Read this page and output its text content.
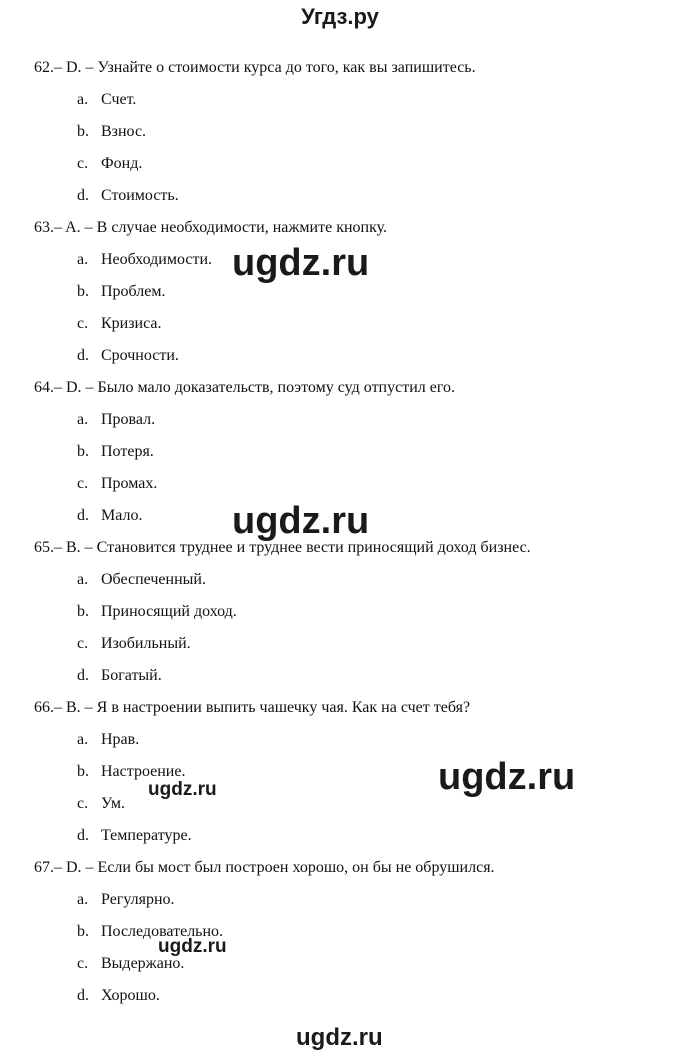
Угдз.ру
62.– D. – Узнайте о стоимости курса до того, как вы запишитесь.
a. Счет.
b. Взнос.
c. Фонд.
d. Стоимость.
63.– A. – В случае необходимости, нажмите кнопку.
a. Необходимости.
b. Проблем.
c. Кризиса.
d. Срочности.
64.– D. – Было мало доказательств, поэтому суд отпустил его.
a. Провал.
b. Потеря.
c. Промах.
d. Мало.
65.– B. – Становится труднее и труднее вести приносящий доход бизнес.
a. Обеспеченный.
b. Приносящий доход.
c. Изобильный.
d. Богатый.
66.– B. – Я в настроении выпить чашечку чая. Как на счет тебя?
a. Нрав.
b. Настроение.
c. Ум.
d. Температуре.
67.– D. – Если бы мост был построен хорошо, он бы не обрушился.
a. Регулярно.
b. Последовательно.
c. Выдержано.
d. Хорошо.
ugdz.ru
ugdz.ru
ugdz.ru
ugdz.ru
ugdz.ru
ugdz.ru
